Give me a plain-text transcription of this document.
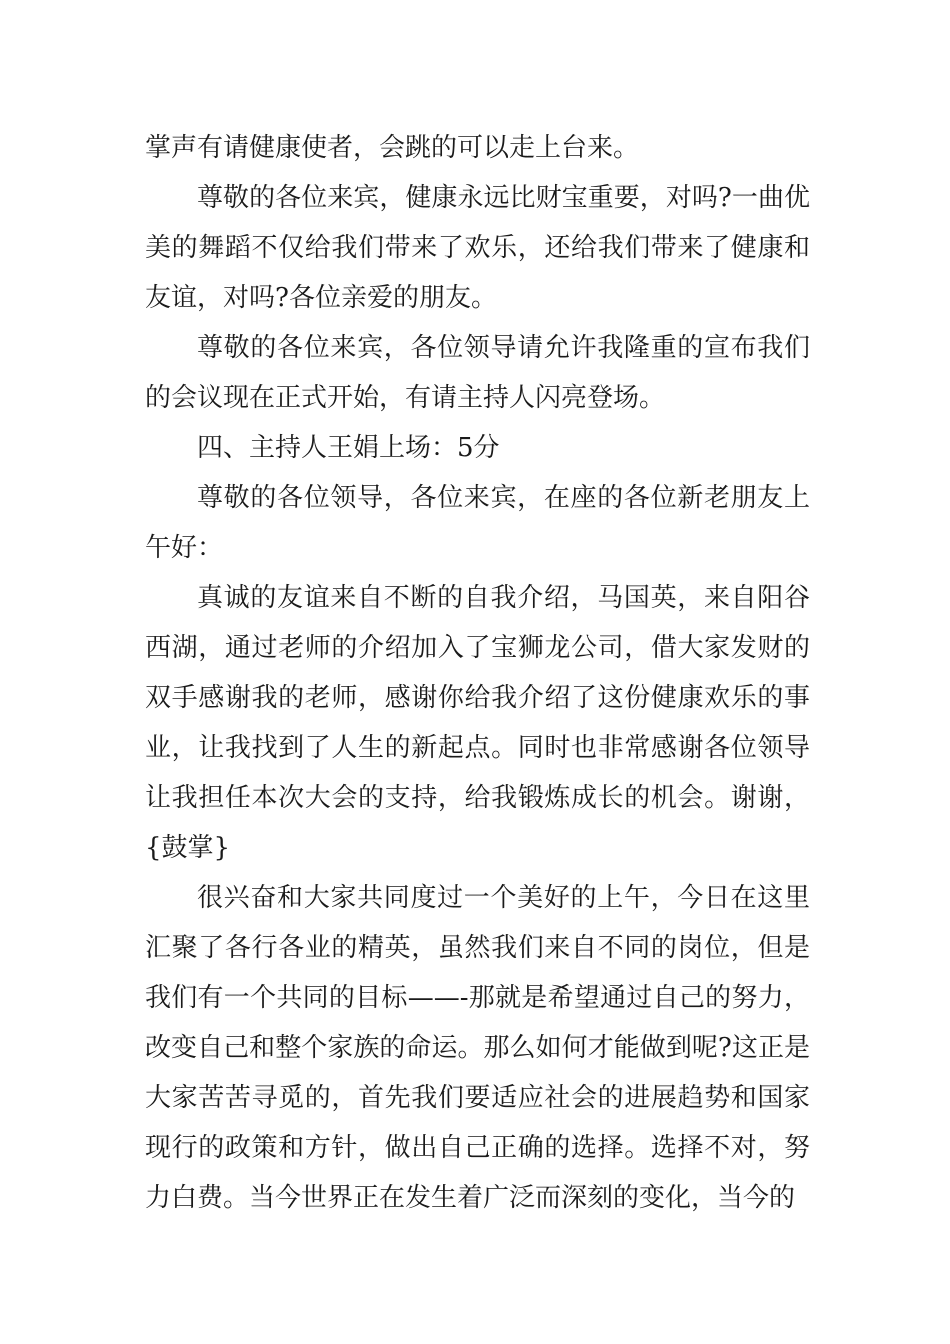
掌声有请健康使者，会跳的可以走上台来。

尊敬的各位来宾，健康永远比财宝重要，对吗?一曲优美的舞蹈不仅给我们带来了欢乐，还给我们带来了健康和友谊，对吗?各位亲爱的朋友。

尊敬的各位来宾，各位领导请允许我隆重的宣布我们的会议现在正式开始，有请主持人闪亮登场。

四、主持人王娟上场：5分

尊敬的各位领导，各位来宾，在座的各位新老朋友上午好：

真诚的友谊来自不断的自我介绍，马国英，来自阳谷西湖，通过老师的介绍加入了宝狮龙公司，借大家发财的双手感谢我的老师，感谢你给我介绍了这份健康欢乐的事业，让我找到了人生的新起点。同时也非常感谢各位领导让我担任本次大会的支持，给我锻炼成长的机会。谢谢，{鼓掌}

很兴奋和大家共同度过一个美好的上午，今日在这里汇聚了各行各业的精英，虽然我们来自不同的岗位，但是我们有一个共同的目标——-那就是希望通过自己的努力，改变自己和整个家族的命运。那么如何才能做到呢?这正是大家苦苦寻觅的，首先我们要适应社会的进展趋势和国家现行的政策和方针，做出自己正确的选择。选择不对，努力白费。当今世界正在发生着广泛而深刻的变化，当今的
